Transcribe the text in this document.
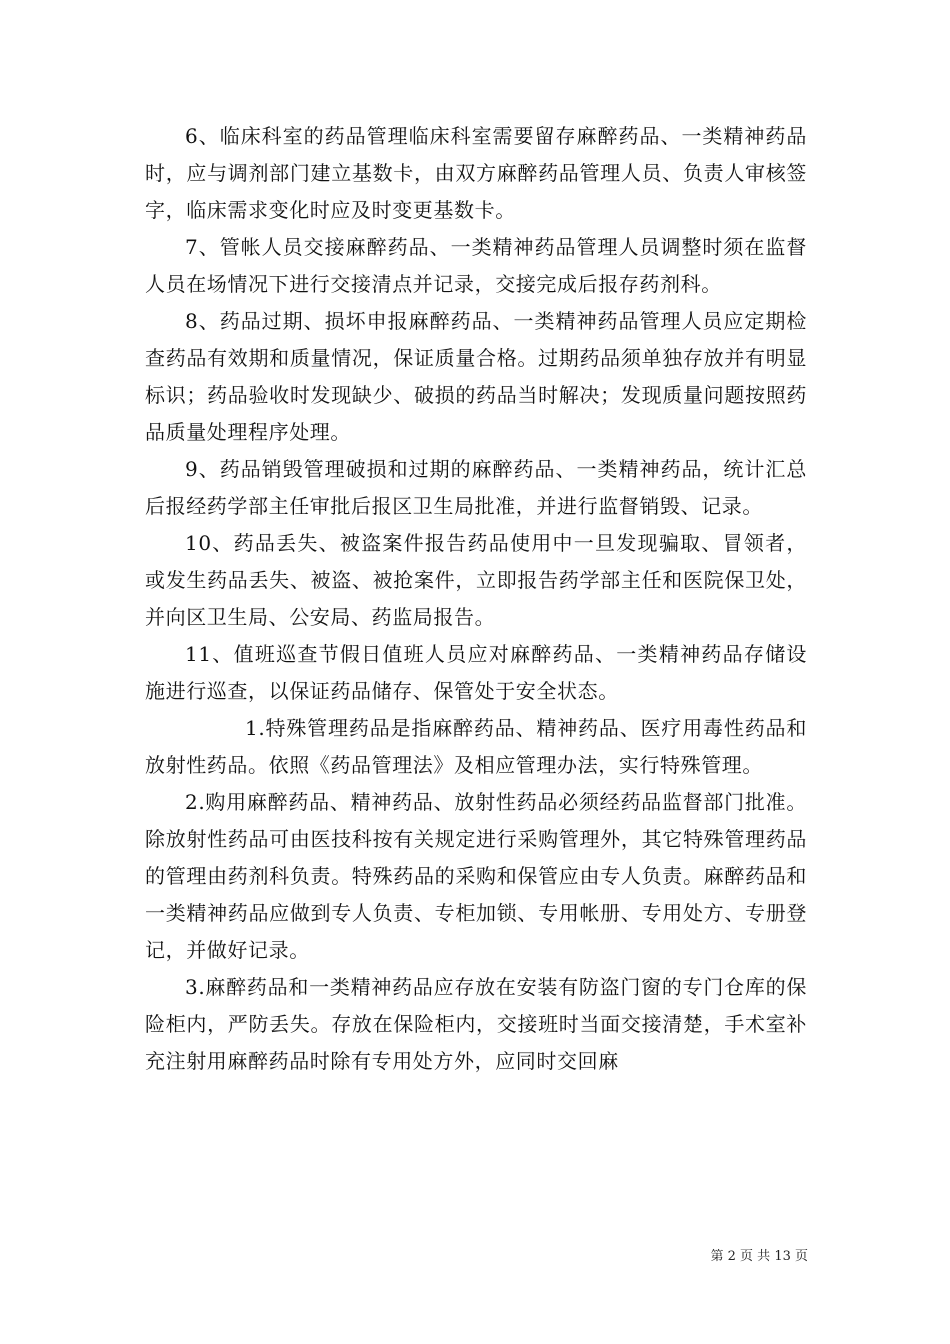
6、临床科室的药品管理临床科室需要留存麻醉药品、一类精神药品时，应与调剂部门建立基数卡，由双方麻醉药品管理人员、负责人审核签字，临床需求变化时应及时变更基数卡。

7、管帐人员交接麻醉药品、一类精神药品管理人员调整时须在监督人员在场情况下进行交接清点并记录，交接完成后报存药剂科。

8、药品过期、损坏申报麻醉药品、一类精神药品管理人员应定期检查药品有效期和质量情况，保证质量合格。过期药品须单独存放并有明显标识；药品验收时发现缺少、破损的药品当时解决；发现质量问题按照药品质量处理程序处理。

9、药品销毁管理破损和过期的麻醉药品、一类精神药品，统计汇总后报经药学部主任审批后报区卫生局批准，并进行监督销毁、记录。

10、药品丢失、被盗案件报告药品使用中一旦发现骗取、冒领者，或发生药品丢失、被盗、被抢案件，立即报告药学部主任和医院保卫处，并向区卫生局、公安局、药监局报告。

11、值班巡查节假日值班人员应对麻醉药品、一类精神药品存储设施进行巡查，以保证药品储存、保管处于安全状态。

1.特殊管理药品是指麻醉药品、精神药品、医疗用毒性药品和放射性药品。依照《药品管理法》及相应管理办法，实行特殊管理。

2.购用麻醉药品、精神药品、放射性药品必须经药品监督部门批准。除放射性药品可由医技科按有关规定进行采购管理外，其它特殊管理药品的管理由药剂科负责。特殊药品的采购和保管应由专人负责。麻醉药品和一类精神药品应做到专人负责、专柜加锁、专用帐册、专用处方、专册登记，并做好记录。

3.麻醉药品和一类精神药品应存放在安装有防盗门窗的专门仓库的保险柜内，严防丢失。存放在保险柜内，交接班时当面交接清楚，手术室补充注射用麻醉药品时除有专用处方外，应同时交回麻

第 2 页 共 13 页
